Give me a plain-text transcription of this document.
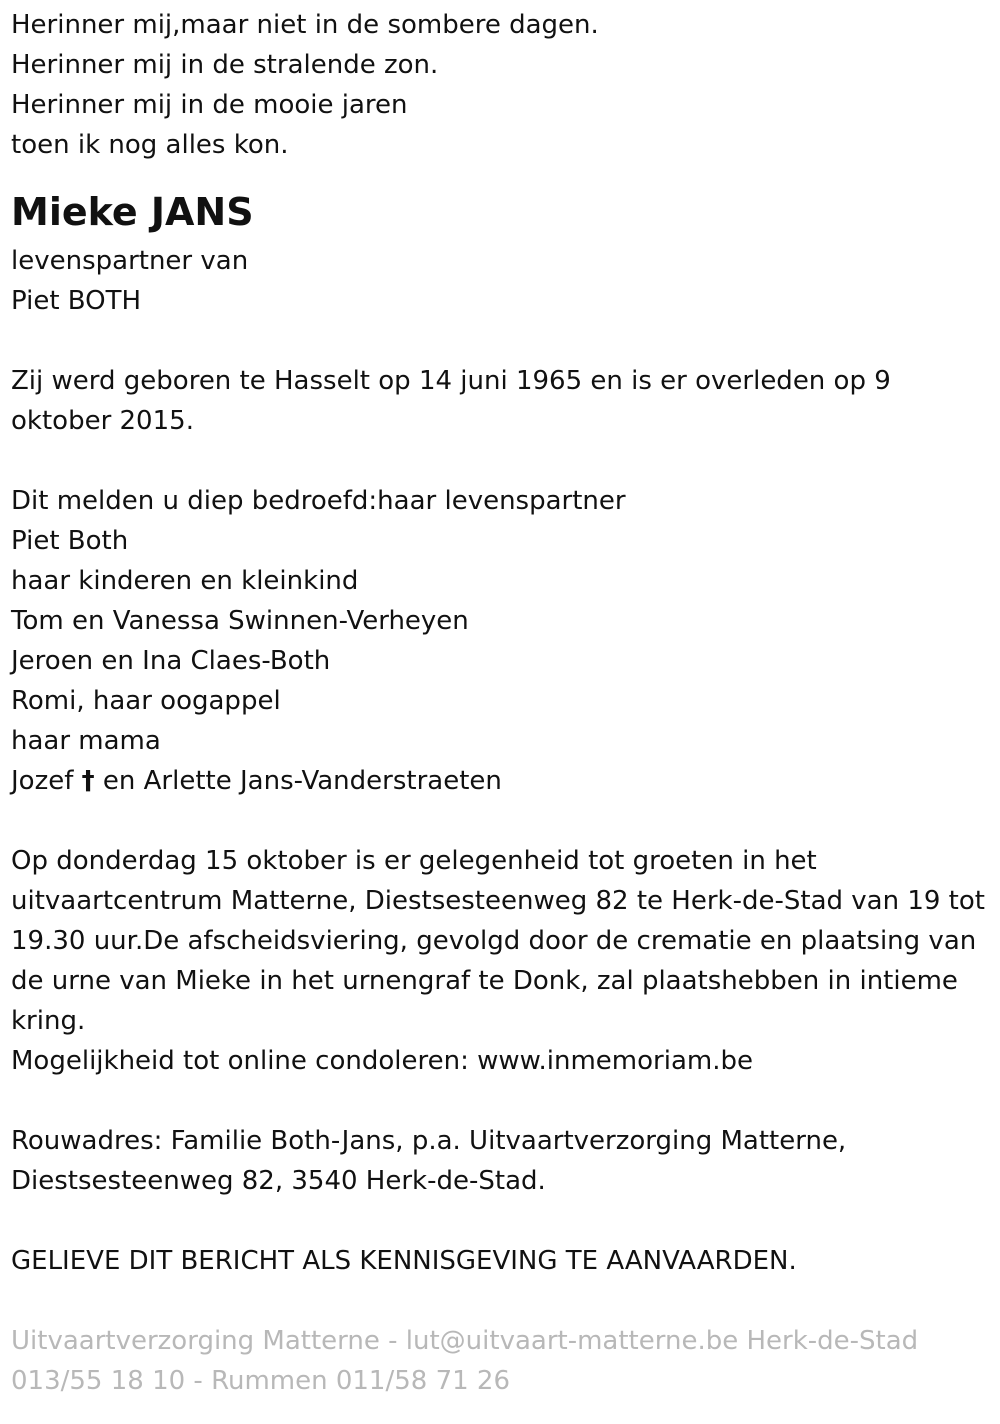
Herinner mij,maar niet in de sombere dagen.

Herinner mij in de stralende zon.

Herinner mij in de mooie jaren

toen ik nog alles kon.

Mieke JANS

levenspartner van

Piet BOTH

Zij werd geboren te Hasselt op 14 juni 1965 en is er overleden op 9 oktober 2015.

Dit melden u diep bedroefd:haar levenspartner

Piet Both

haar kinderen en kleinkind

Tom en Vanessa Swinnen-Verheyen

Jeroen en Ina Claes-Both

Romi, haar oogappel

haar mama

Jozef † en Arlette Jans-Vanderstraeten

Op donderdag 15 oktober is er gelegenheid tot groeten in het uitvaartcentrum Matterne, Diestsesteenweg 82 te Herk-de-Stad van 19 tot 19.30 uur.De afscheidsviering, gevolgd door de crematie en plaatsing van de urne van Mieke in het urnengraf te Donk, zal plaatshebben in intieme kring.

Mogelijkheid tot online condoleren: www.inmemoriam.be

Rouwadres: Familie Both-Jans, p.a. Uitvaartverzorging Matterne,

Diestsesteenweg 82, 3540 Herk-de-Stad.

GELIEVE DIT BERICHT ALS KENNISGEVING TE AANVAARDEN.

Uitvaartverzorging Matterne - lut@uitvaart-matterne.be Herk-de-Stad

013/55 18 10 - Rummen 011/58 71 26
